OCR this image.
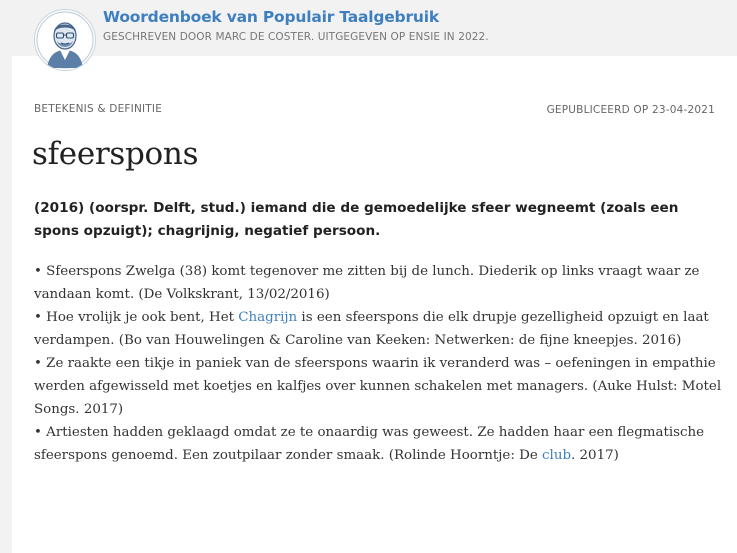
Woordenboek van Populair Taalgebruik
GESCHREVEN DOOR MARC DE COSTER. UITGEGEVEN OP ENSIE IN 2022.
BETEKENIS & DEFINITIE	GEPUBLICEERD OP 23-04-2021
sfeerspons

(2016) (oorspr. Delft, stud.) iemand die de gemoedelijke sfeer wegneemt (zoals een spons opzuigt); chagrijnig, negatief persoon.

• Sfeerspons Zwelga (38) komt tegenover me zitten bij de lunch. Diederik op links vraagt waar ze vandaan komt. (De Volkskrant, 13/02/2016)
• Hoe vrolijk je ook bent, Het Chagrijn is een sfeerspons die elk drupje gezelligheid opzuigt en laat verdampen. (Bo van Houwelingen & Caroline van Keeken: Netwerken: de fijne kneepjes. 2016)
• Ze raakte een tikje in paniek van de sfeerspons waarin ik veranderd was – oefeningen in empathie werden afgewisseld met koetjes en kalfjes over kunnen schakelen met managers. (Auke Hulst: Motel Songs. 2017)
• Artiesten hadden geklaagd omdat ze te onaardig was geweest. Ze hadden haar een flegmatische sfeerspons genoemd. Een zoutpilaar zonder smaak. (Rolinde Hoorntje: De club. 2017)
